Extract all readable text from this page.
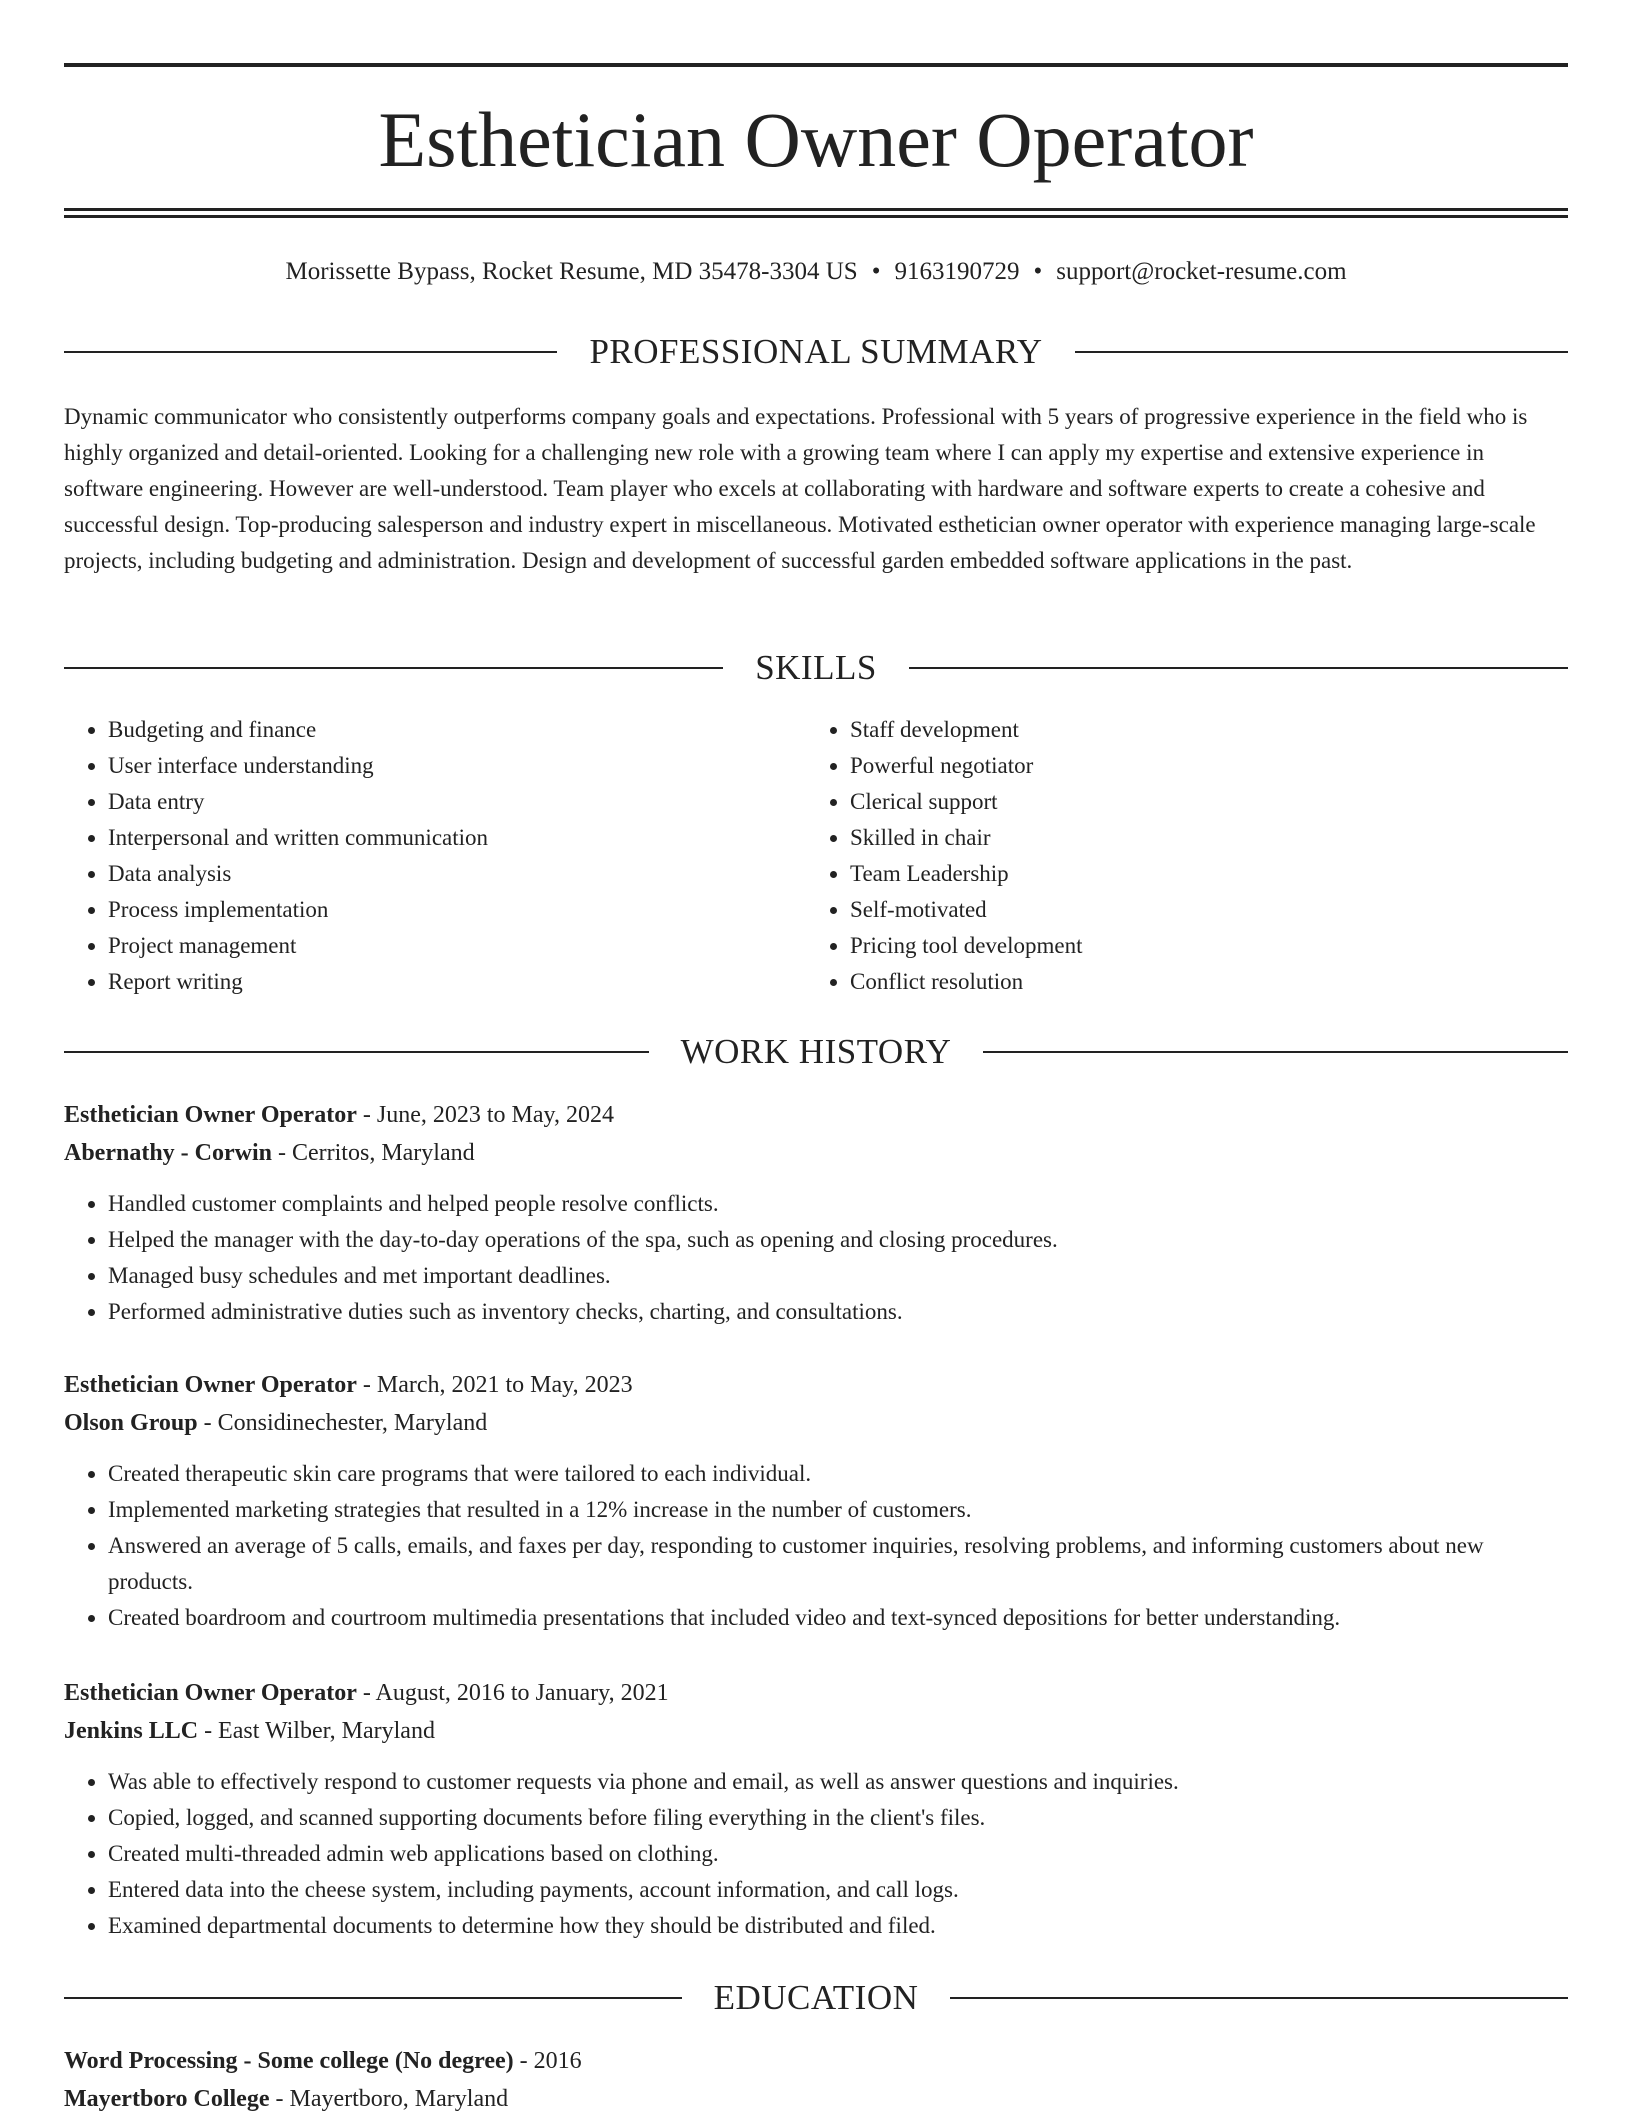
Esthetician Owner Operator
Morissette Bypass, Rocket Resume, MD 35478-3304 US • 9163190729 • support@rocket-resume.com
PROFESSIONAL SUMMARY

Dynamic communicator who consistently outperforms company goals and expectations. Professional with 5 years of progressive experience in the field who is highly organized and detail-oriented. Looking for a challenging new role with a growing team where I can apply my expertise and extensive experience in software engineering. However are well-understood. Team player who excels at collaborating with hardware and software experts to create a cohesive and successful design. Top-producing salesperson and industry expert in miscellaneous. Motivated esthetician owner operator with experience managing large-scale projects, including budgeting and administration. Design and development of successful garden embedded software applications in the past.

SKILLS
• Budgeting and finance
• User interface understanding
• Data entry
• Interpersonal and written communication
• Data analysis
• Process implementation
• Project management
• Report writing
• Staff development
• Powerful negotiator
• Clerical support
• Skilled in chair
• Team Leadership
• Self-motivated
• Pricing tool development
• Conflict resolution
WORK HISTORY
Esthetician Owner Operator - June, 2023 to May, 2024
Abernathy - Corwin - Cerritos, Maryland
• Handled customer complaints and helped people resolve conflicts.
• Helped the manager with the day-to-day operations of the spa, such as opening and closing procedures.
• Managed busy schedules and met important deadlines.
• Performed administrative duties such as inventory checks, charting, and consultations.
Esthetician Owner Operator - March, 2021 to May, 2023
Olson Group - Considinechester, Maryland
• Created therapeutic skin care programs that were tailored to each individual.
• Implemented marketing strategies that resulted in a 12% increase in the number of customers.
• Answered an average of 5 calls, emails, and faxes per day, responding to customer inquiries, resolving problems, and informing customers about new products.
• Created boardroom and courtroom multimedia presentations that included video and text-synced depositions for better understanding.
Esthetician Owner Operator - August, 2016 to January, 2021
Jenkins LLC - East Wilber, Maryland
• Was able to effectively respond to customer requests via phone and email, as well as answer questions and inquiries.
• Copied, logged, and scanned supporting documents before filing everything in the client's files.
• Created multi-threaded admin web applications based on clothing.
• Entered data into the cheese system, including payments, account information, and call logs.
• Examined departmental documents to determine how they should be distributed and filed.
EDUCATION
Word Processing - Some college (No degree) - 2016
Mayertboro College - Mayertboro, Maryland
